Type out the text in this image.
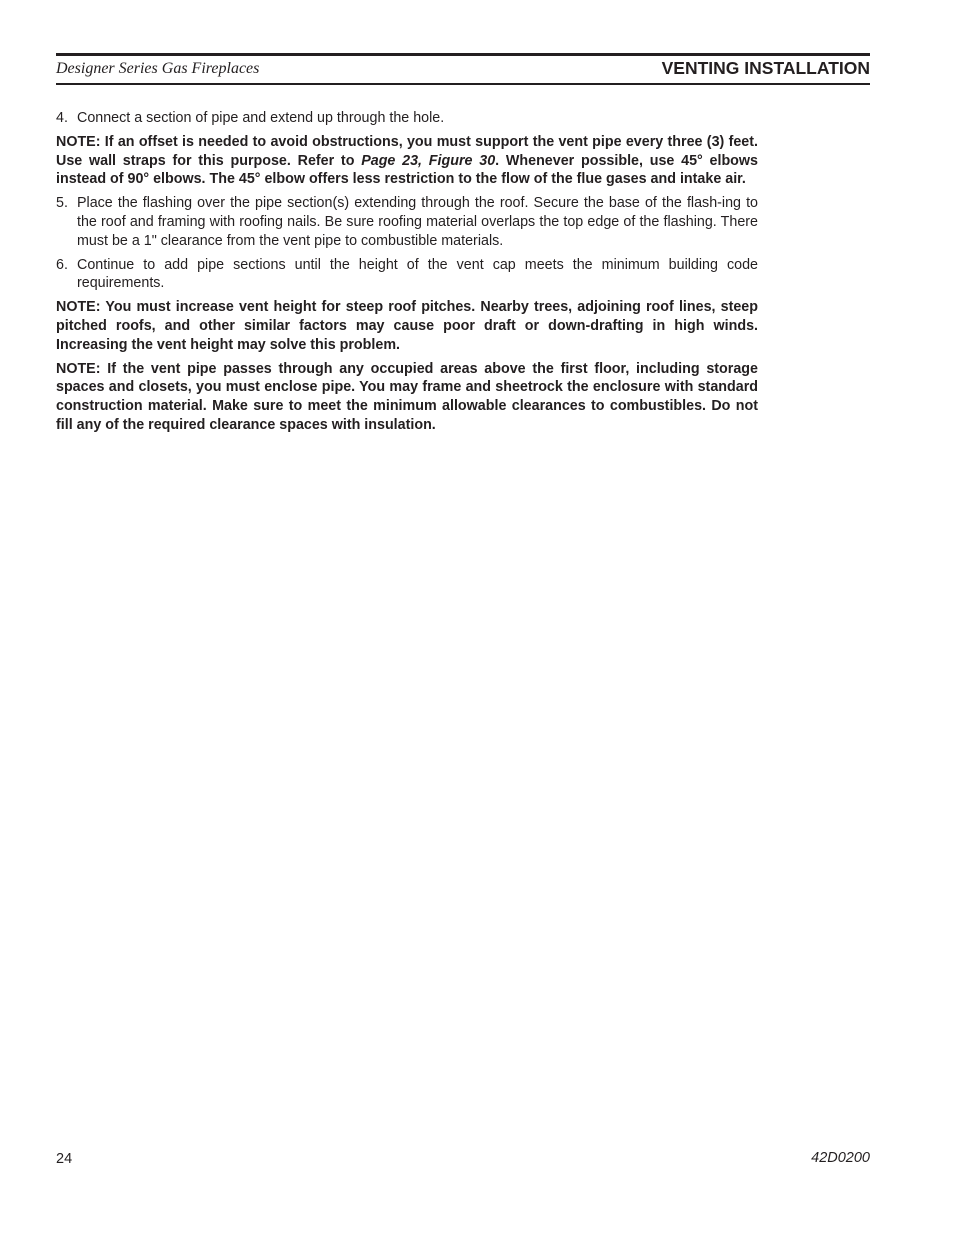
Designer Series Gas Fireplaces	VENTING INSTALLATION

4. Connect a section of pipe and extend up through the hole.

NOTE: If an offset is needed to avoid obstructions, you must support the vent pipe every three (3) feet. Use wall straps for this purpose. Refer to Page 23, Figure 30. Whenever possible, use 45° elbows instead of 90° elbows. The 45° elbow offers less restriction to the flow of the flue gases and intake air.

5. Place the flashing over the pipe section(s) extending through the roof. Secure the base of the flash-ing to the roof and framing with roofing nails. Be sure roofing material overlaps the top edge of the flashing. There must be a 1" clearance from the vent pipe to combustible materials.

6. Continue to add pipe sections until the height of the vent cap meets the minimum building code requirements.

NOTE: You must increase vent height for steep roof pitches. Nearby trees, adjoining roof lines, steep pitched roofs, and other similar factors may cause poor draft or down-drafting in high winds. Increasing the vent height may solve this problem.

NOTE: If the vent pipe passes through any occupied areas above the first floor, including storage spaces and closets, you must enclose pipe. You may frame and sheetrock the enclosure with standard construction material. Make sure to meet the minimum allowable clearances to combustibles. Do not fill any of the required clearance spaces with insulation.

24	42D0200
